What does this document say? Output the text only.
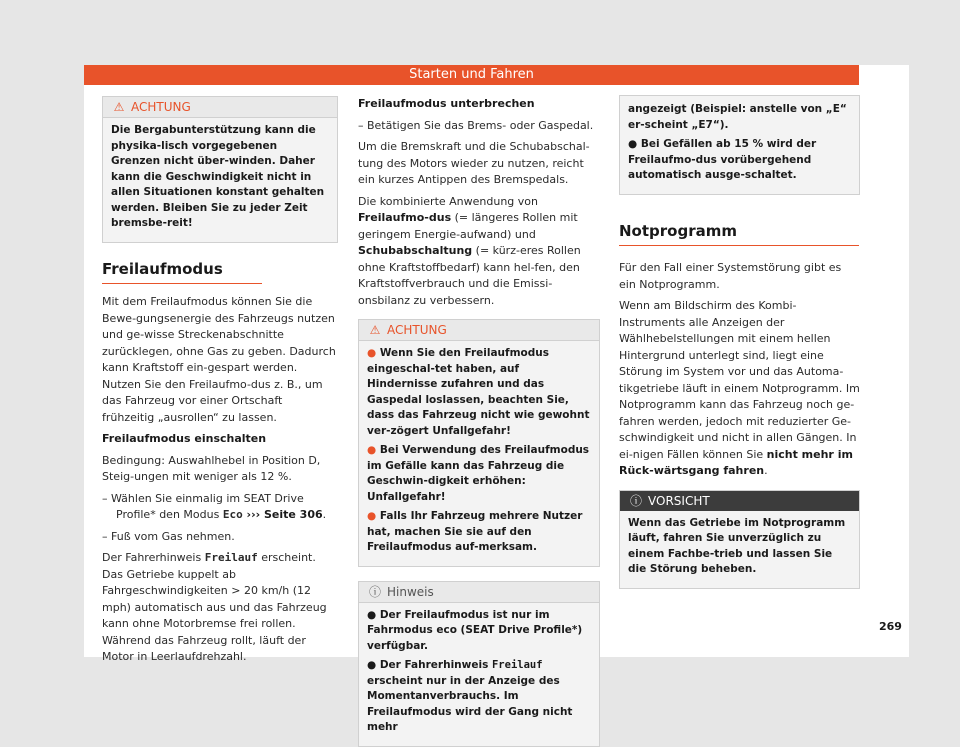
Starten und Fahren
⚠ ACHTUNG

Die Bergabunterstützung kann die physika-lisch vorgegebenen Grenzen nicht über-winden. Daher kann die Geschwindigkeit nicht in allen Situationen konstant gehalten werden. Bleiben Sie zu jeder Zeit bremsbe-reit!

Freilaufmodus

Mit dem Freilaufmodus können Sie die Bewe-gungsenergie des Fahrzeugs nutzen und ge-wisse Streckenabschnitte zurücklegen, ohne Gas zu geben. Dadurch kann Kraftstoff ein-gespart werden. Nutzen Sie den Freilaufmo-dus z. B., um das Fahrzeug vor einer Ortschaft frühzeitig „ausrollen“ zu lassen.

Freilaufmodus einschalten

Bedingung: Auswahlhebel in Position D, Steig-ungen mit weniger als 12 %.

– Wählen Sie einmalig im SEAT Drive Profile* den Modus Eco ››› Seite 306.

– Fuß vom Gas nehmen.

Der Fahrerhinweis Freilauf erscheint. Das Getriebe kuppelt ab Fahrgeschwindigkeiten > 20 km/h (12 mph) automatisch aus und das Fahrzeug kann ohne Motorbremse frei rollen. Während das Fahrzeug rollt, läuft der Motor in Leerlaufdrehzahl.

Freilaufmodus unterbrechen

– Betätigen Sie das Brems- oder Gaspedal.

Um die Bremskraft und die Schubabschal-tung des Motors wieder zu nutzen, reicht ein kurzes Antippen des Bremspedals.

Die kombinierte Anwendung von Freilaufmo-dus (= längeres Rollen mit geringem Energie-aufwand) und Schubabschaltung (= kürz-eres Rollen ohne Kraftstoffbedarf) kann hel-fen, den Kraftstoffverbrauch und die Emissi-onsbilanz zu verbessern.

⚠ ACHTUNG

● Wenn Sie den Freilaufmodus eingeschal-tet haben, auf Hindernisse zufahren und das Gaspedal loslassen, beachten Sie, dass das Fahrzeug nicht wie gewohnt ver-zögert Unfallgefahr!

● Bei Verwendung des Freilaufmodus im Gefälle kann das Fahrzeug die Geschwin-digkeit erhöhen: Unfallgefahr!

● Falls Ihr Fahrzeug mehrere Nutzer hat, machen Sie sie auf den Freilaufmodus auf-merksam.

ⓘ Hinweis

● Der Freilaufmodus ist nur im Fahrmodus eco (SEAT Drive Profile*) verfügbar.

● Der Fahrerhinweis Freilauf erscheint nur in der Anzeige des Momentanverbrauchs. Im Freilaufmodus wird der Gang nicht mehr

angezeigt (Beispiel: anstelle von „E“ er-scheint „E7“).

● Bei Gefällen ab 15 % wird der Freilaufmo-dus vorübergehend automatisch ausge-schaltet.

Notprogramm

Für den Fall einer Systemstörung gibt es ein Notprogramm.

Wenn am Bildschirm des Kombi-Instruments alle Anzeigen der Wählhebelstellungen mit einem hellen Hintergrund unterlegt sind, liegt eine Störung im System vor und das Automa-tikgetriebe läuft in einem Notprogramm. Im Notprogramm kann das Fahrzeug noch ge-fahren werden, jedoch mit reduzierter Ge-schwindigkeit und nicht in allen Gängen. In ei-nigen Fällen können Sie nicht mehr im Rück-wärtsgang fahren.

ⓘ VORSICHT

Wenn das Getriebe im Notprogramm läuft, fahren Sie unverzüglich zu einem Fachbe-trieb und lassen Sie die Störung beheben.

269
